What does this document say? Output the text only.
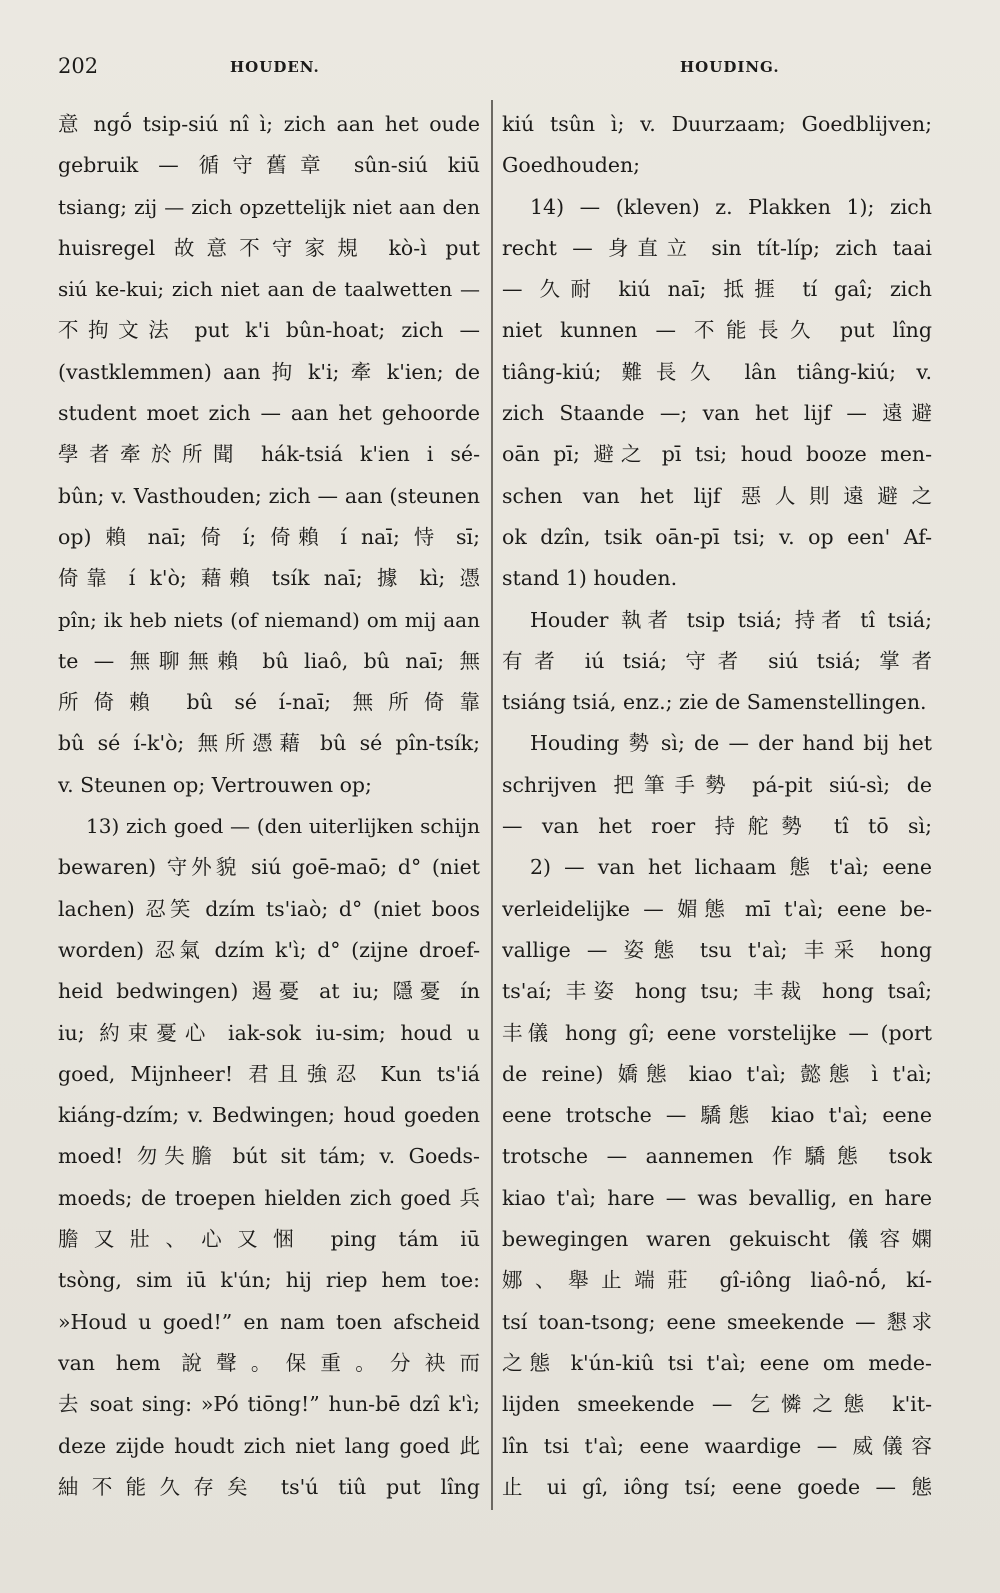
202	HOUDEN.	HOUDING.
意 ngṓ tsip-siú nî ì; zich aan het oude
gebruik — 循守舊章 sûn-siú kiū
tsiang; zij — zich opzettelijk niet aan den
huisregel 故意不守家規 kò-ì put
siú ke-kui; zich niet aan de taalwetten —
不拘文法 put k'i bûn-hoat; zich —
(vastklemmen) aan 拘 k'i; 牽 k'ien; de
student moet zich — aan het gehoorde
學者牽於所聞 hák-tsiá k'ien i sé-
bûn; v. Vasthouden; zich — aan (steunen
op) 賴 naī; 倚 í; 倚賴 í naī; 恃 sī;
倚靠 í k'ò; 藉賴 tsík naī; 據 kì; 憑
pîn; ik heb niets (of niemand) om mij aan
te — 無聊無賴 bû liaô, bû naī; 無
所倚賴 bû sé í-naī; 無所倚靠
bû sé í-k'ò; 無所憑藉 bû sé pîn-tsík;
v. Steunen op; Vertrouwen op;
13) zich goed — (den uiterlijken schijn
bewaren) 守外貌 siú goē-maō; d° (niet
lachen) 忍笑 dzím ts'iaò; d° (niet boos
worden) 忍氣 dzím k'ì; d° (zijne droef-
heid bedwingen) 遏憂 at iu; 隱憂 ín
iu; 約束憂心 iak-sok iu-sim; houd u
goed, Mijnheer! 君且強忍 Kun ts'iá
kiáng-dzím; v. Bedwingen; houd goeden
moed! 勿失膽 bút sit tám; v. Goeds-
moeds; de troepen hielden zich goed 兵
膽又壯、心又悃 ping tám iū
tsòng, sim iū k'ún; hij riep hem toe:
»Houd u goed!” en nam toen afscheid
van hem 說聲。保重。分袂而
去 soat sing: »Pó tiōng!” hun-bē dzî k'ì;
deze zijde houdt zich niet lang goed 此
紬不能久存矣 ts'ú tiû put lîng
kiú tsûn ì; v. Duurzaam; Goedblijven;
Goedhouden;
14) — (kleven) z. Plakken 1); zich
recht — 身直立 sin tít-líp; zich taai
— 久耐 kiú naī; 抵捱 tí gaî; zich
niet kunnen — 不能長久 put lîng
tiâng-kiú; 難長久 lân tiâng-kiú; v.
zich Staande —; van het lijf — 遠避
oān pī; 避之 pī tsi; houd booze men-
schen van het lijf 惡人則遠避之
ok dzîn, tsik oān-pī tsi; v. op een' Af-
stand 1) houden.
Houder 執者 tsip tsiá; 持者 tî tsiá;
有者 iú tsiá; 守者 siú tsiá; 掌者
tsiáng tsiá, enz.; zie de Samenstellingen.
Houding 勢 sì; de — der hand bij het
schrijven 把筆手勢 pá-pit siú-sì; de
— van het roer 持舵勢 tî tō sì;
2) — van het lichaam 態 t'aì; eene
verleidelijke — 媚態 mī t'aì; eene be-
vallige — 姿態 tsu t'aì; 丰采 hong
ts'aí; 丰姿 hong tsu; 丰裁 hong tsaî;
丰儀 hong gî; eene vorstelijke — (port
de reine) 嬌態 kiao t'aì; 懿態 ì t'aì;
eene trotsche — 驕態 kiao t'aì; eene
trotsche — aannemen 作驕態 tsok
kiao t'aì; hare — was bevallig, en hare
bewegingen waren gekuischt 儀容嫻
娜、舉止端莊 gî-iông liaô-nṓ, kí-
tsí toan-tsong; eene smeekende — 懇求
之態 k'ún-kiû tsi t'aì; eene om mede-
lijden smeekende — 乞憐之態 k'it-
lîn tsi t'aì; eene waardige — 威儀容
止 ui gî, iông tsí; eene goede — 態
